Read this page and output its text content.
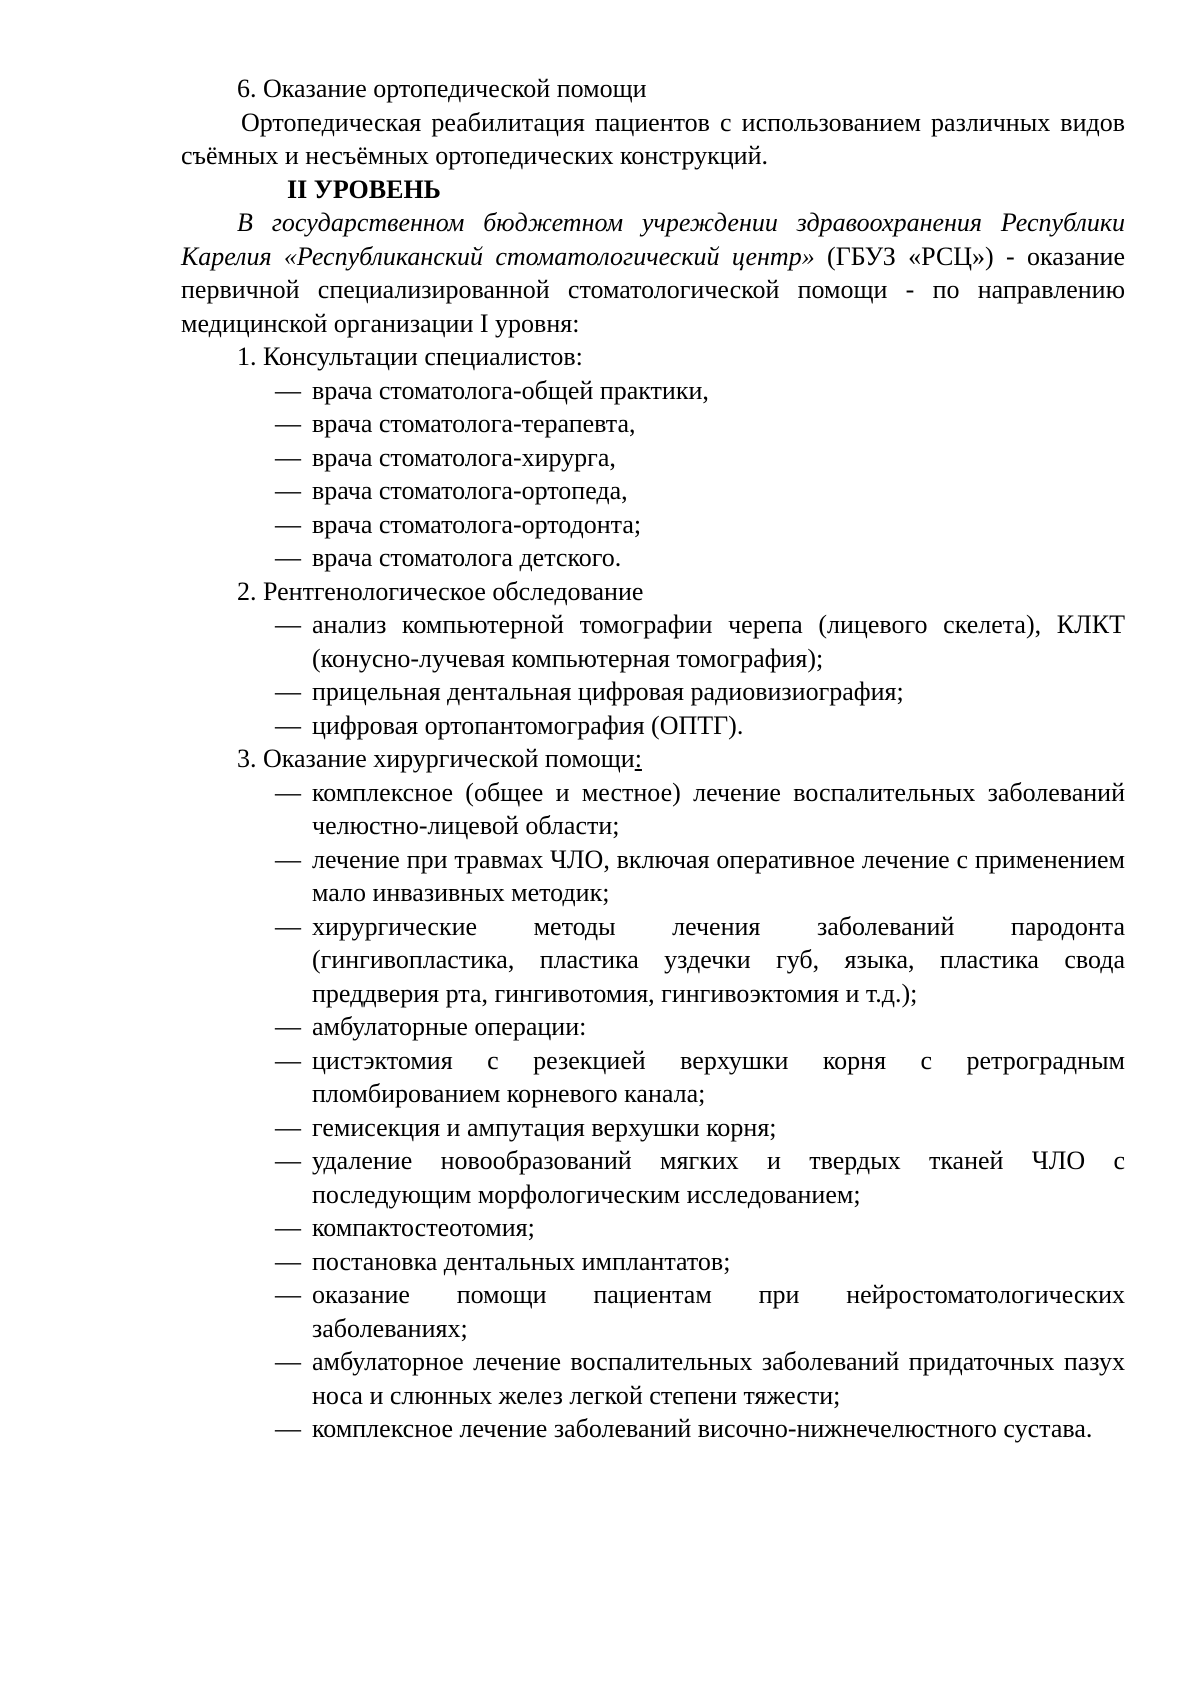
6. Оказание ортопедической помощи

Ортопедическая реабилитация пациентов с использованием различных видов съёмных и несъёмных ортопедических конструкций.

II УРОВЕНЬ

В государственном бюджетном учреждении здравоохранения Республики Карелия «Республиканский стоматологический центр» (ГБУЗ «РСЦ») - оказание первичной специализированной стоматологической помощи - по направлению медицинской организации I уровня:

1. Консультации специалистов:

— врача стоматолога-общей практики,
— врача стоматолога-терапевта,
— врача стоматолога-хирурга,
— врача стоматолога-ортопеда,
— врача стоматолога-ортодонта;
— врача стоматолога детского.

2. Рентгенологическое обследование

— анализ компьютерной томографии черепа (лицевого скелета), КЛКТ (конусно-лучевая компьютерная томография);
— прицельная дентальная цифровая радиовизиография;
— цифровая ортопантомография (ОПТГ).

3. Оказание хирургической помощи:

— комплексное (общее и местное) лечение воспалительных заболеваний челюстно-лицевой области;
— лечение при травмах ЧЛО, включая оперативное лечение с применением мало инвазивных методик;
— хирургические методы лечения заболеваний пародонта (гингивопластика, пластика уздечки губ, языка, пластика свода преддверия рта, гингивотомия, гингивоэктомия и т.д.);
— амбулаторные операции:
— цистэктомия с резекцией верхушки корня с ретроградным пломбированием корневого канала;
— гемисекция и ампутация верхушки корня;
— удаление новообразований мягких и твердых тканей ЧЛО с последующим морфологическим исследованием;
— компактостеотомия;
— постановка дентальных имплантатов;
— оказание помощи пациентам при нейростоматологических заболеваниях;
— амбулаторное лечение воспалительных заболеваний придаточных пазух носа и слюнных желез легкой степени тяжести;
— комплексное лечение заболеваний височно-нижнечелюстного сустава.
